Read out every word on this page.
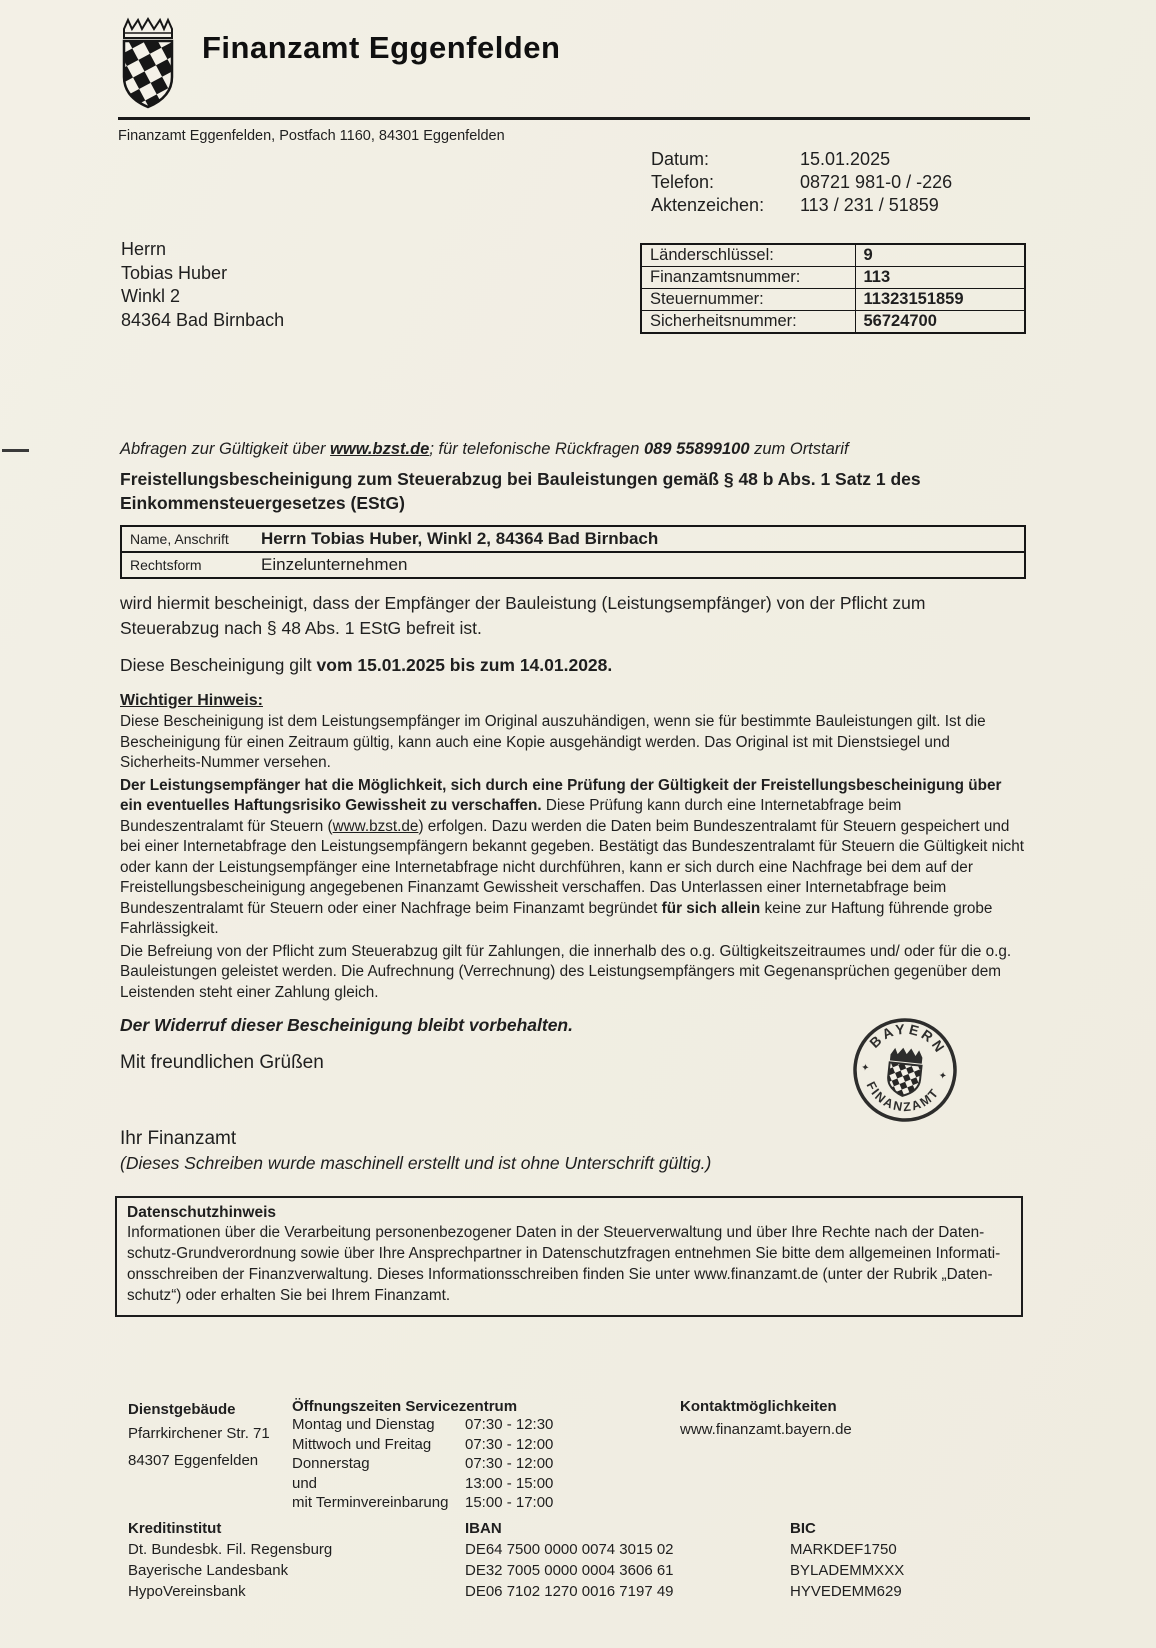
Finanzamt Eggenfelden
Finanzamt Eggenfelden, Postfach 1160, 84301 Eggenfelden
Datum:	15.01.2025
Telefon:	08721 981-0 / -226
Aktenzeichen:	113 / 231 / 51859
Herrn
Tobias Huber
Winkl 2
84364 Bad Birnbach
Länderschlüssel:	9
Finanzamtsnummer:	113
Steuernummer:	11323151859
Sicherheitsnummer:	56724700
Abfragen zur Gültigkeit über www.bzst.de; für telefonische Rückfragen 089 55899100 zum Ortstarif
Freistellungsbescheinigung zum Steuerabzug bei Bauleistungen gemäß § 48 b Abs. 1 Satz 1 des
Einkommensteuergesetzes (EStG)
Name, Anschrift	Herrn Tobias Huber, Winkl 2, 84364 Bad Birnbach
Rechtsform	Einzelunternehmen
wird hiermit bescheinigt, dass der Empfänger der Bauleistung (Leistungsempfänger) von der Pflicht zum Steuerabzug nach § 48 Abs. 1 EStG befreit ist.
Diese Bescheinigung gilt vom 15.01.2025 bis zum 14.01.2028.
Wichtiger Hinweis:

Diese Bescheinigung ist dem Leistungsempfänger im Original auszuhändigen, wenn sie für bestimmte Bauleistungen gilt. Ist die Bescheinigung für einen Zeitraum gültig, kann auch eine Kopie ausgehändigt werden. Das Original ist mit Dienstsiegel und Sicherheits-Nummer versehen.

Der Leistungsempfänger hat die Möglichkeit, sich durch eine Prüfung der Gültigkeit der Freistellungsbescheinigung über ein eventuelles Haftungsrisiko Gewissheit zu verschaffen. Diese Prüfung kann durch eine Internetabfrage beim Bundeszentralamt für Steuern (www.bzst.de) erfolgen. Dazu werden die Daten beim Bundeszentralamt für Steuern gespeichert und bei einer Internetabfrage den Leistungsempfängern bekannt gegeben. Bestätigt das Bundeszentralamt für Steuern die Gültigkeit nicht oder kann der Leistungsempfänger eine Internetabfrage nicht durchführen, kann er sich durch eine Nachfrage bei dem auf der Freistellungsbescheinigung angegebenen Finanzamt Gewissheit verschaffen. Das Unterlassen einer Internetabfrage beim Bundeszentralamt für Steuern oder einer Nachfrage beim Finanzamt begründet für sich allein keine zur Haftung führende grobe Fahrlässigkeit.

Die Befreiung von der Pflicht zum Steuerabzug gilt für Zahlungen, die innerhalb des o.g. Gültigkeitszeitraumes und/ oder für die o.g. Bauleistungen geleistet werden. Die Aufrechnung (Verrechnung) des Leistungsempfängers mit Gegenansprüchen gegenüber dem Leistenden steht einer Zahlung gleich.

Der Widerruf dieser Bescheinigung bleibt vorbehalten.
Mit freundlichen Grüßen
BAYERN
FINANZAMT
✦
✦
Ihr Finanzamt
(Dieses Schreiben wurde maschinell erstellt und ist ohne Unterschrift gültig.)
Datenschutzhinweis
Informationen über die Verarbeitung personenbezogener Daten in der Steuerverwaltung und über Ihre Rechte nach der Daten-
schutz-Grundverordnung sowie über Ihre Ansprechpartner in Datenschutzfragen entnehmen Sie bitte dem allgemeinen Informati-
onsschreiben der Finanzverwaltung. Dieses Informationsschreiben finden Sie unter www.finanzamt.de (unter der Rubrik „Daten-
schutz“) oder erhalten Sie bei Ihrem Finanzamt.
Dienstgebäude
Pfarrkirchener Str. 71
84307 Eggenfelden
Öffnungszeiten Servicezentrum
Montag und Dienstag	07:30 - 12:30
Mittwoch und Freitag	07:30 - 12:00
Donnerstag	07:30 - 12:00
und	13:00 - 15:00
mit Terminvereinbarung	15:00 - 17:00
Kontaktmöglichkeiten
www.finanzamt.bayern.de
Kreditinstitut	IBAN	BIC
Dt. Bundesbk. Fil. Regensburg	DE64 7500 0000 0074 3015 02	MARKDEF1750
Bayerische Landesbank	DE32 7005 0000 0004 3606 61	BYLADEMMXXX
HypoVereinsbank	DE06 7102 1270 0016 7197 49	HYVEDEMM629
